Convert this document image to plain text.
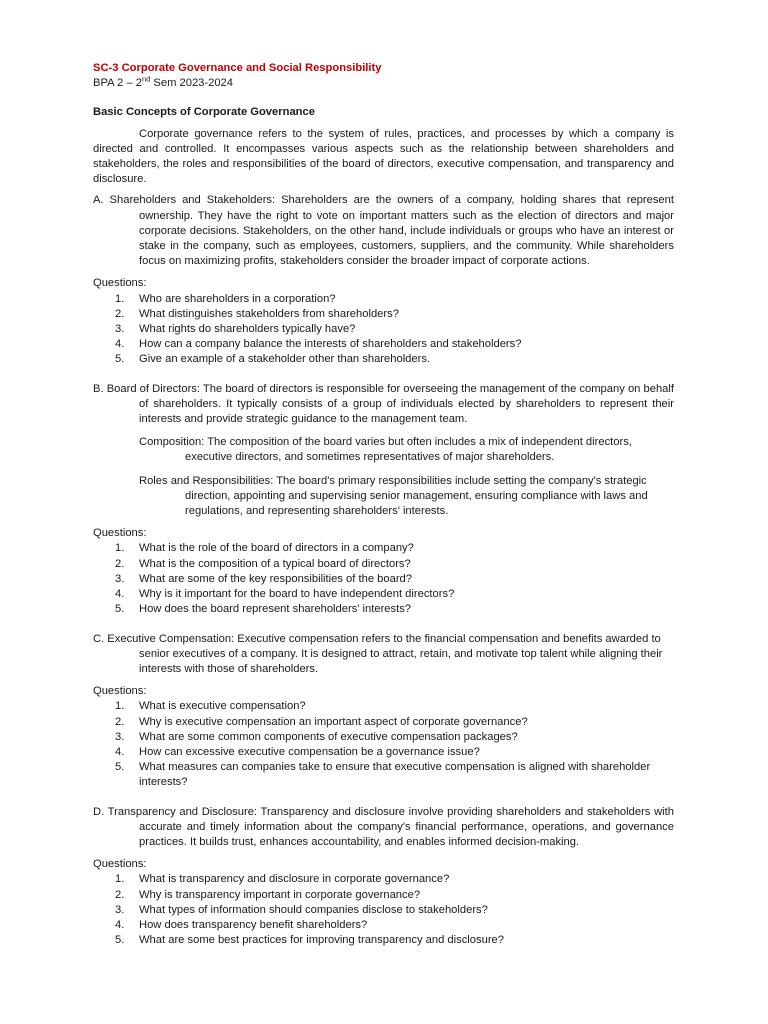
SC-3 Corporate Governance and Social Responsibility

BPA 2 – 2nd Sem 2023-2024

Basic Concepts of Corporate Governance

Corporate governance refers to the system of rules, practices, and processes by which a company is directed and controlled. It encompasses various aspects such as the relationship between shareholders and stakeholders, the roles and responsibilities of the board of directors, executive compensation, and transparency and disclosure.

A. Shareholders and Stakeholders: Shareholders are the owners of a company, holding shares that represent ownership. They have the right to vote on important matters such as the election of directors and major corporate decisions. Stakeholders, on the other hand, include individuals or groups who have an interest or stake in the company, such as employees, customers, suppliers, and the community. While shareholders focus on maximizing profits, stakeholders consider the broader impact of corporate actions.

Questions:

1. Who are shareholders in a corporation?
2. What distinguishes stakeholders from shareholders?
3. What rights do shareholders typically have?
4. How can a company balance the interests of shareholders and stakeholders?
5. Give an example of a stakeholder other than shareholders.

B. Board of Directors: The board of directors is responsible for overseeing the management of the company on behalf of shareholders. It typically consists of a group of individuals elected by shareholders to represent their interests and provide strategic guidance to the management team.

Composition: The composition of the board varies but often includes a mix of independent directors, executive directors, and sometimes representatives of major shareholders.

Roles and Responsibilities: The board's primary responsibilities include setting the company's strategic direction, appointing and supervising senior management, ensuring compliance with laws and regulations, and representing shareholders' interests.

Questions:

1. What is the role of the board of directors in a company?
2. What is the composition of a typical board of directors?
3. What are some of the key responsibilities of the board?
4. Why is it important for the board to have independent directors?
5. How does the board represent shareholders' interests?

C. Executive Compensation: Executive compensation refers to the financial compensation and benefits awarded to senior executives of a company. It is designed to attract, retain, and motivate top talent while aligning their interests with those of shareholders.

Questions:

1. What is executive compensation?
2. Why is executive compensation an important aspect of corporate governance?
3. What are some common components of executive compensation packages?
4. How can excessive executive compensation be a governance issue?
5. What measures can companies take to ensure that executive compensation is aligned with shareholder interests?

D. Transparency and Disclosure: Transparency and disclosure involve providing shareholders and stakeholders with accurate and timely information about the company's financial performance, operations, and governance practices. It builds trust, enhances accountability, and enables informed decision-making.

Questions:

1. What is transparency and disclosure in corporate governance?
2. Why is transparency important in corporate governance?
3. What types of information should companies disclose to stakeholders?
4. How does transparency benefit shareholders?
5. What are some best practices for improving transparency and disclosure?
